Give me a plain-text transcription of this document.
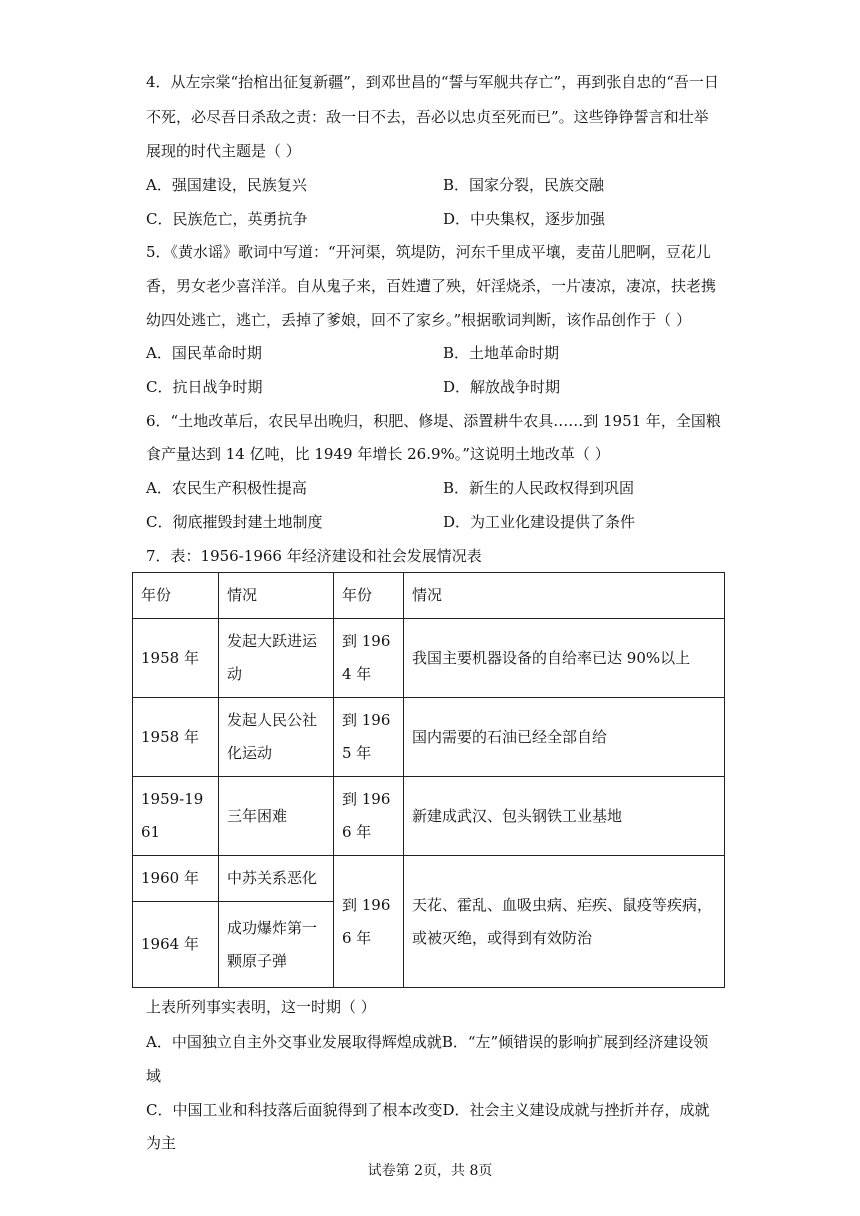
4．从左宗棠“抬棺出征复新疆”，到邓世昌的“誓与军舰共存亡”，再到张自忠的“吾一日
不死，必尽吾日杀敌之责：敌一日不去，吾必以忠贞至死而已”。这些铮铮誓言和壮举
展现的时代主题是（ ）
A．强国建设，民族复兴	B．国家分裂，民族交融
C．民族危亡，英勇抗争	D．中央集权，逐步加强
5．《黄水谣》歌词中写道：“开河渠，筑堤防，河东千里成平壤，麦苗儿肥啊，豆花儿
香，男女老少喜洋洋。自从鬼子来，百姓遭了殃，奸淫烧杀，一片凄凉，凄凉，扶老携
幼四处逃亡，逃亡，丢掉了爹娘，回不了家乡。”根据歌词判断，该作品创作于（ ）
A．国民革命时期	B．土地革命时期
C．抗日战争时期	D．解放战争时期
6．“土地改革后，农民早出晚归，积肥、修堤、添置耕牛农具……到 1951 年，全国粮
食产量达到 14 亿吨，比 1949 年增长 26.9%。”这说明土地改革（ ）
A．农民生产积极性提高	B．新生的人民政权得到巩固
C．彻底摧毁封建土地制度	D．为工业化建设提供了条件
7．表：1956-1966 年经济建设和社会发展情况表
年份	情况	年份	情况
1958 年	发起大跃进运动	到 1964 年	我国主要机器设备的自给率已达 90%以上
1958 年	发起人民公社化运动	到 1965 年	国内需要的石油已经全部自给
1959-1961	三年困难	到 1966 年	新建成武汉、包头钢铁工业基地
1960 年	中苏关系恶化	到 1966 年	天花、霍乱、血吸虫病、疟疾、鼠疫等疾病，或被灭绝，或得到有效防治
1964 年	成功爆炸第一颗原子弹		
上表所列事实表明，这一时期（ ）
A．中国独立自主外交事业发展取得辉煌成就B．“左”倾错误的影响扩展到经济建设领
域
C．中国工业和科技落后面貌得到了根本改变D．社会主义建设成就与挫折并存，成就
为主
试卷第 2页，共 8页
